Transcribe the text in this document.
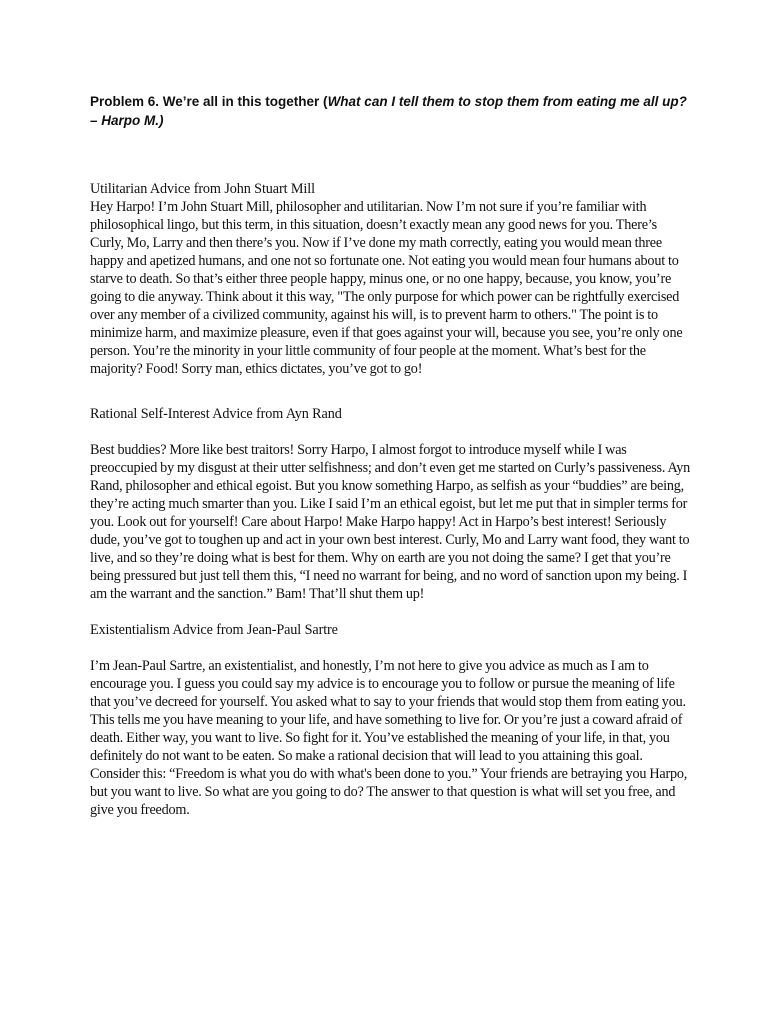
Problem 6. We’re all in this together (What can I tell them to stop them from eating me all up? – Harpo M.)

Utilitarian Advice from John Stuart Mill

Hey Harpo! I’m John Stuart Mill, philosopher and utilitarian. Now I’m not sure if you’re familiar with philosophical lingo, but this term, in this situation, doesn’t exactly mean any good news for you. There’s Curly, Mo, Larry and then there’s you. Now if I’ve done my math correctly, eating you would mean three happy and apetized humans, and one not so fortunate one. Not eating you would mean four humans about to starve to death. So that’s either three people happy, minus one, or no one happy, because, you know, you’re going to die anyway. Think about it this way, "The only purpose for which power can be rightfully exercised over any member of a civilized community, against his will, is to prevent harm to others." The point is to minimize harm, and maximize pleasure, even if that goes against your will, because you see, you’re only one person. You’re the minority in your little community of four people at the moment. What’s best for the majority? Food! Sorry man, ethics dictates, you’ve got to go!

Rational Self-Interest Advice from Ayn Rand

Best buddies? More like best traitors! Sorry Harpo, I almost forgot to introduce myself while I was preoccupied by my disgust at their utter selfishness; and don’t even get me started on Curly’s passiveness. Ayn Rand, philosopher and ethical egoist. But you know something Harpo, as selfish as your “buddies” are being, they’re acting much smarter than you. Like I said I’m an ethical egoist, but let me put that in simpler terms for you. Look out for yourself! Care about Harpo! Make Harpo happy! Act in Harpo’s best interest! Seriously dude, you’ve got to toughen up and act in your own best interest. Curly, Mo and Larry want food, they want to live, and so they’re doing what is best for them. Why on earth are you not doing the same? I get that you’re being pressured but just tell them this, “I need no warrant for being, and no word of sanction upon my being. I am the warrant and the sanction.” Bam! That’ll shut them up!

Existentialism Advice from Jean-Paul Sartre

I’m Jean-Paul Sartre, an existentialist, and honestly, I’m not here to give you advice as much as I am to encourage you. I guess you could say my advice is to encourage you to follow or pursue the meaning of life that you’ve decreed for yourself. You asked what to say to your friends that would stop them from eating you. This tells me you have meaning to your life, and have something to live for. Or you’re just a coward afraid of death. Either way, you want to live. So fight for it. You’ve established the meaning of your life, in that, you definitely do not want to be eaten. So make a rational decision that will lead to you attaining this goal. Consider this: “Freedom is what you do with what's been done to you.” Your friends are betraying you Harpo, but you want to live. So what are you going to do? The answer to that question is what will set you free, and give you freedom.
